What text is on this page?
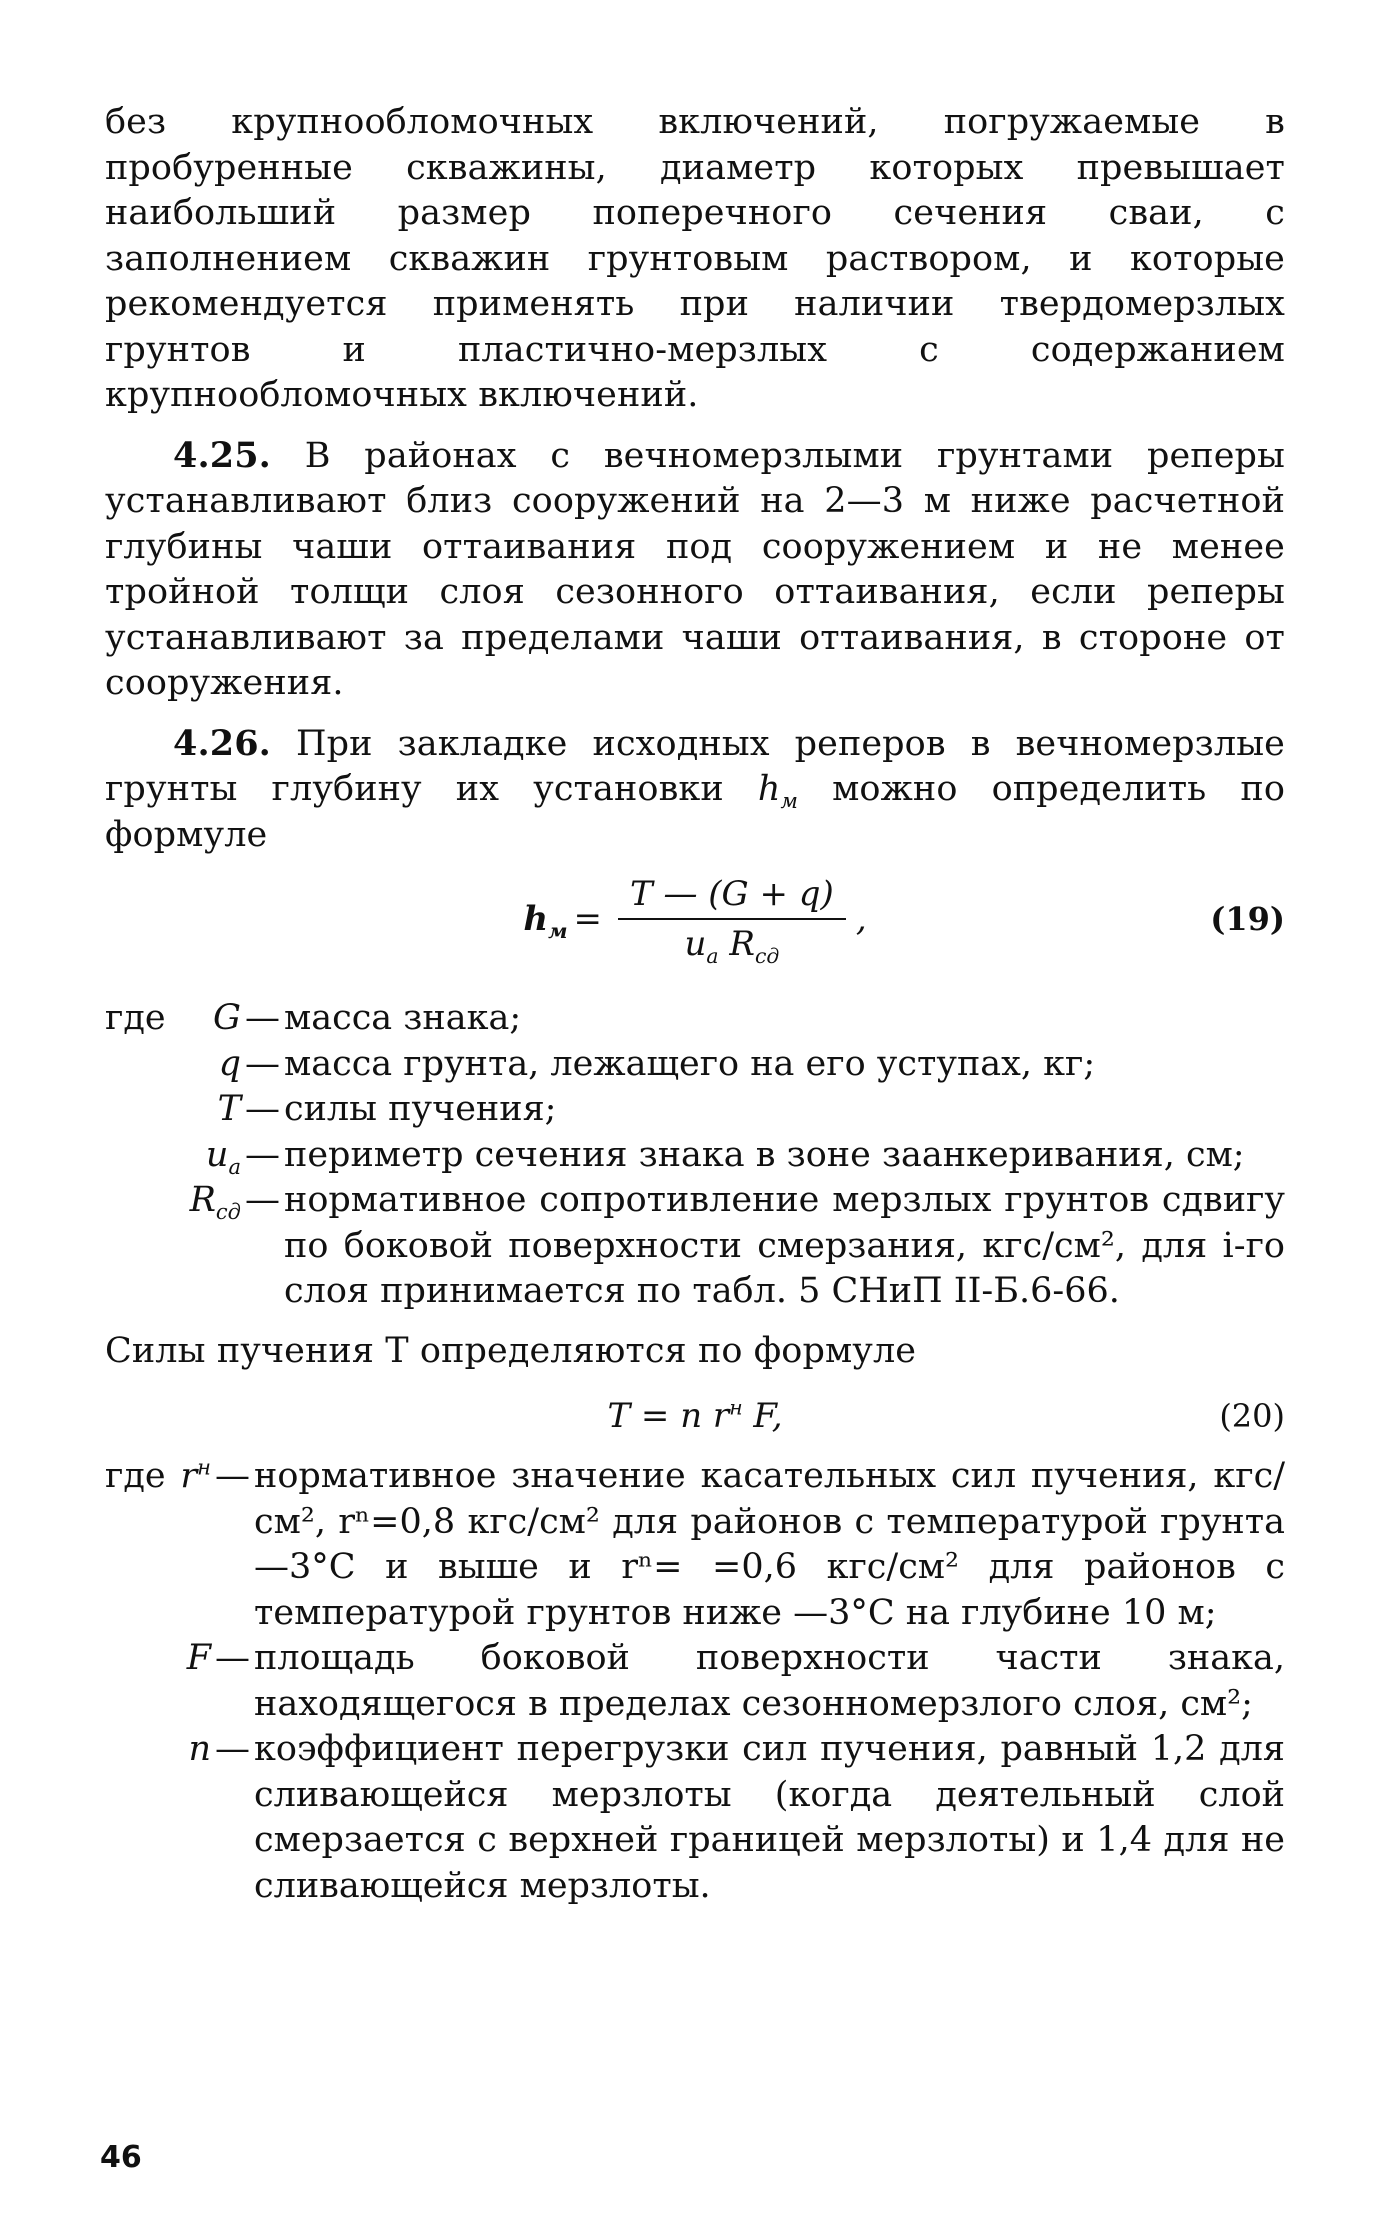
без крупнообломочных включений, погружаемые в пробуренные скважины, диаметр которых превышает наибольший размер поперечного сечения сваи, с заполнением скважин грунтовым раствором, и которые рекомендуется применять при наличии твердомерзлых грунтов и пластично-мерзлых с содержанием крупнообломочных включений.

4.25. В районах с вечномерзлыми грунтами реперы устанавливают близ сооружений на 2—3 м ниже расчетной глубины чаши оттаивания под сооружением и не менее тройной толщи слоя сезонного оттаивания, если реперы устанавливают за пределами чаши оттаивания, в стороне от сооружения.

4.26. При закладке исходных реперов в вечномерзлые грунты глубину их установки $h_м$ можно определить по формуле

$h_м = \frac{T — (G + q)}{u_a R_{сд}}$ ,	(19)
где	G — масса знака;
q — масса грунта, лежащего на его уступах, кг;
T — силы пучения;
$u_a$ — периметр сечения знака в зоне заанкеривания, см;
$R_{сд}$ — нормативное сопротивление мерзлых грунтов сдвигу по боковой поверхности смерзания, кгс/см², для i-го слоя принимается по табл. 5 СНиП II-Б.6-66.

Силы пучения T определяются по формуле

T = n $r^н$ F,	(20)
где $r^н$ — нормативное значение касательных сил пучения, кгс/см², rⁿ=0,8 кгс/см² для районов с температурой грунта —3°С и выше и rⁿ= =0,6 кгс/см² для районов с температурой грунтов ниже —3°С на глубине 10 м;
F — площадь боковой поверхности части знака, находящегося в пределах сезонномерзлого слоя, см²;
n — коэффициент перегрузки сил пучения, равный 1,2 для сливающейся мерзлоты (когда деятельный слой смерзается с верхней границей мерзлоты) и 1,4 для не сливающейся мерзлоты.
46
